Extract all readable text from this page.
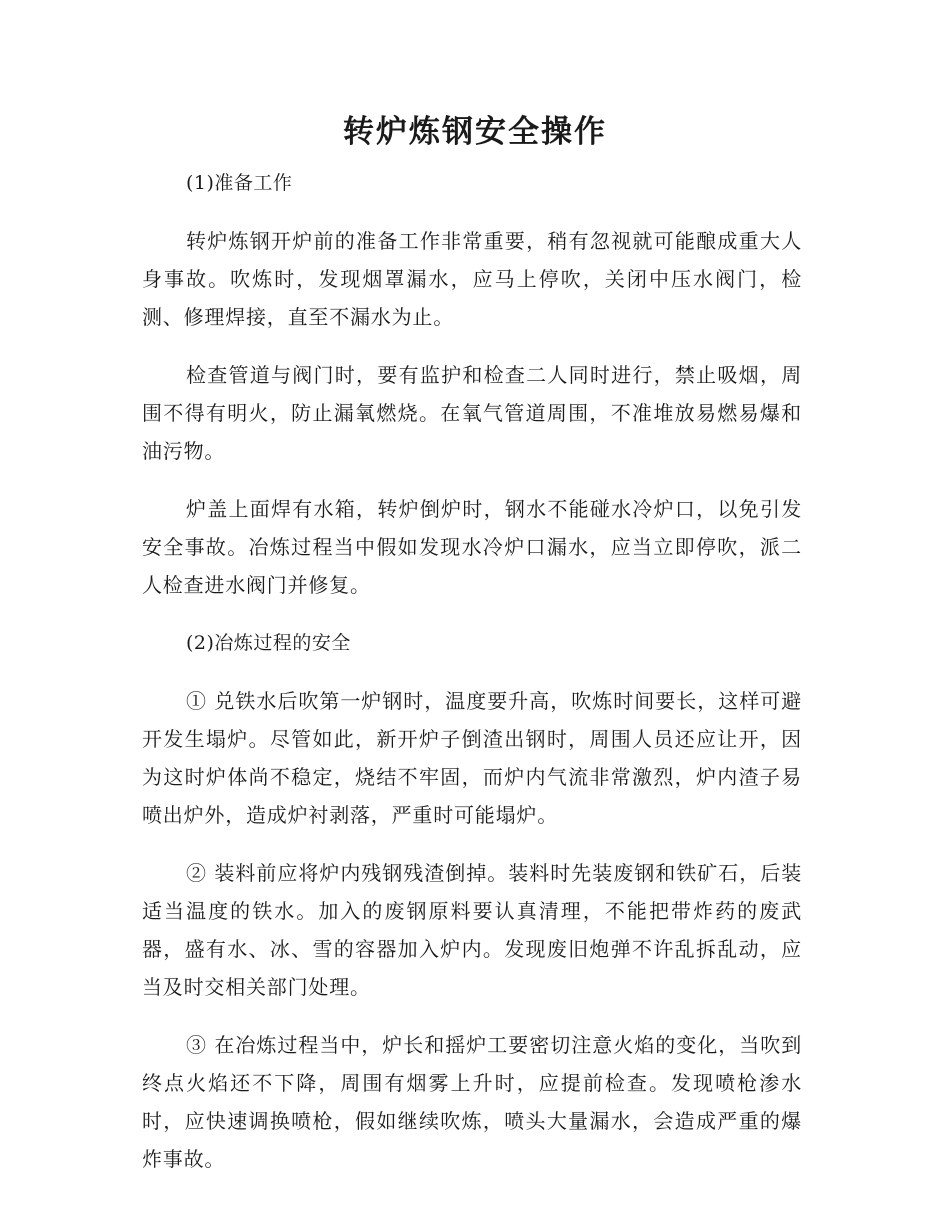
转炉炼钢安全操作
(1)准备工作

转炉炼钢开炉前的准备工作非常重要，稍有忽视就可能酿成重大人身事故。吹炼时，发现烟罩漏水，应马上停吹，关闭中压水阀门，检测、修理焊接，直至不漏水为止。

检查管道与阀门时，要有监护和检查二人同时进行，禁止吸烟，周围不得有明火，防止漏氧燃烧。在氧气管道周围，不准堆放易燃易爆和油污物。

炉盖上面焊有水箱，转炉倒炉时，钢水不能碰水冷炉口，以免引发安全事故。冶炼过程当中假如发现水冷炉口漏水，应当立即停吹，派二人检查进水阀门并修复。

(2)冶炼过程的安全

① 兑铁水后吹第一炉钢时，温度要升高，吹炼时间要长，这样可避开发生塌炉。尽管如此，新开炉子倒渣出钢时，周围人员还应让开，因为这时炉体尚不稳定，烧结不牢固，而炉内气流非常激烈，炉内渣子易喷出炉外，造成炉衬剥落，严重时可能塌炉。

② 装料前应将炉内残钢残渣倒掉。装料时先装废钢和铁矿石，后装适当温度的铁水。加入的废钢原料要认真清理，不能把带炸药的废武器，盛有水、冰、雪的容器加入炉内。发现废旧炮弹不许乱拆乱动，应当及时交相关部门处理。

③ 在冶炼过程当中，炉长和摇炉工要密切注意火焰的变化，当吹到终点火焰还不下降，周围有烟雾上升时，应提前检查。发现喷枪渗水时，应快速调换喷枪，假如继续吹炼，喷头大量漏水，会造成严重的爆炸事故。
